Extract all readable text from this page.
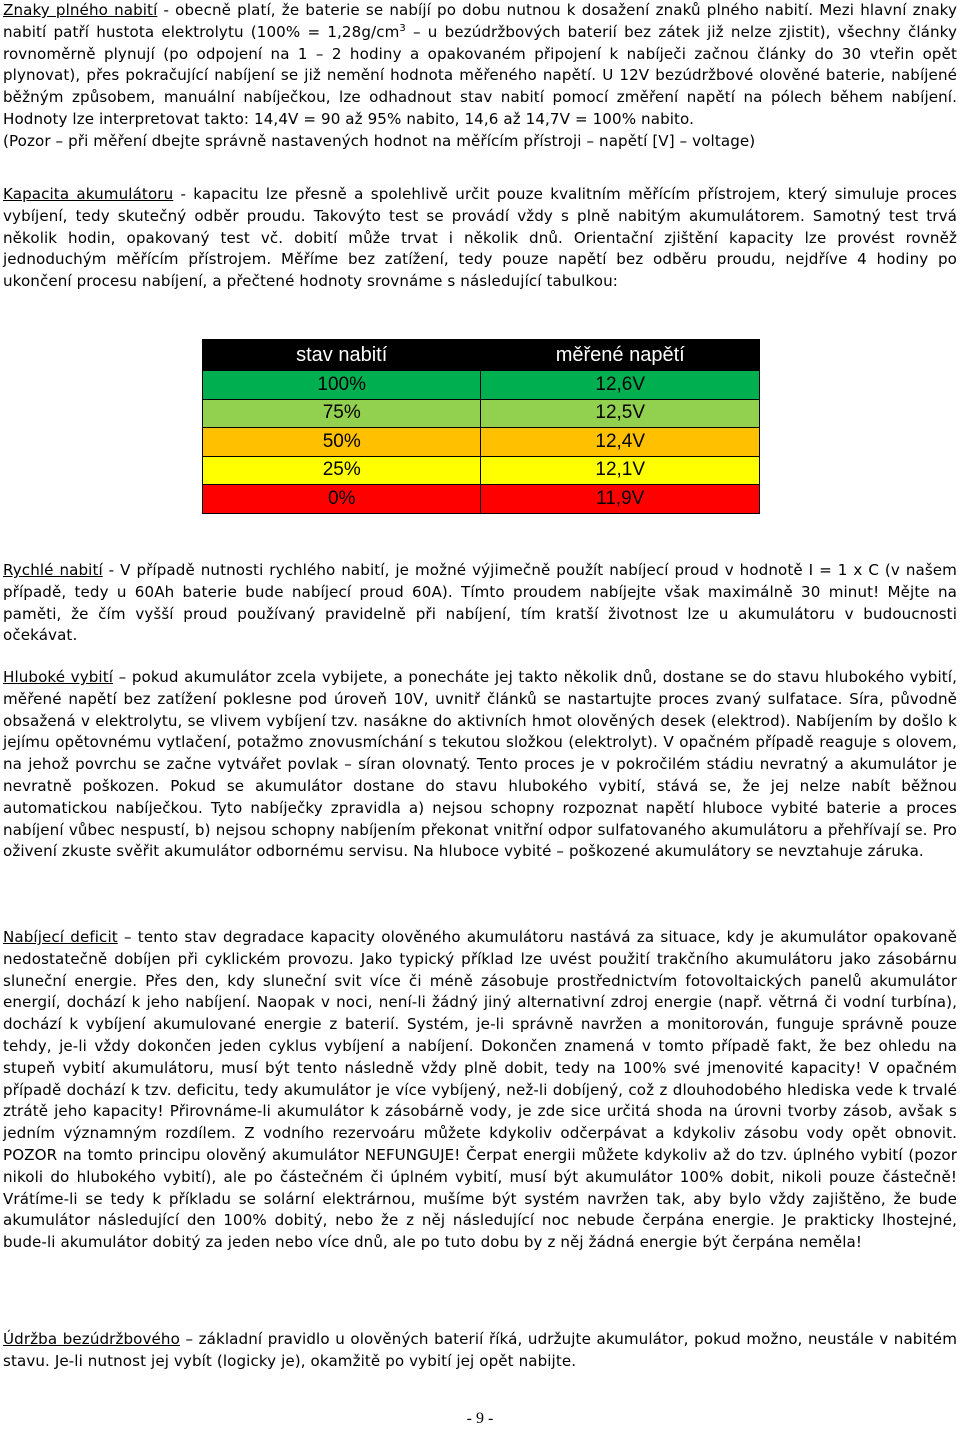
Znaky plného nabití - obecně platí, že baterie se nabíjí po dobu nutnou k dosažení znaků plného nabití. Mezi hlavní znaky nabití patří hustota elektrolytu ($100\% = 1,28g/cm^3 - u$ bezúdržbových baterií bez zátek již nelze zjistit), všechny články rovnoměrně plynují (po odpojení na 1 – 2 hodiny a opakovaném připojení k nabíječi začnou články do 30 vteřin opět plynovat), přes pokračující nabíjení se již nemění hodnota měřeného napětí. U 12V bezúdržbové olověné baterie, nabíjené běžným způsobem, manuální nabíječkou, lze odhadnout stav nabití pomocí změření napětí na pólech během nabíjení. Hodnoty lze interpretovat takto: 14,4V = 90 až 95% nabito, 14,6 až 14,7V = 100% nabito.
(Pozor – při měření dbejte správně nastavených hodnot na měřícím přístroji – napětí [V] – voltage)

Kapacita akumulátoru - kapacitu lze přesně a spolehlivě určit pouze kvalitním měřícím přístrojem, který simuluje proces vybíjení, tedy skutečný odběr proudu. Takovýto test se provádí vždy s plně nabitým akumulátorem. Samotný test trvá několik hodin, opakovaný test vč. dobití může trvat i několik dnů. Orientační zjištění kapacity lze provést rovněž jednoduchým měřícím přístrojem. Měříme bez zatížení, tedy pouze napětí bez odběru proudu, nejdříve 4 hodiny po ukončení procesu nabíjení, a přečtené hodnoty srovnáme s následující tabulkou:

stav nabití	měřené napětí
100%	12,6V
75%	12,5V
50%	12,4V
25%	12,1V
0%	11,9V

Rychlé nabití - V případě nutnosti rychlého nabití, je možné výjimečně použít nabíjecí proud v hodnotě I = 1 x C (v našem případě, tedy u 60Ah baterie bude nabíjecí proud 60A). Tímto proudem nabíjejte však maximálně 30 minut! Mějte na paměti, že čím vyšší proud používaný pravidelně při nabíjení, tím kratší životnost lze u akumulátoru v budoucnosti očekávat.

Hluboké vybití – pokud akumulátor zcela vybijete, a ponecháte jej takto několik dnů, dostane se do stavu hlubokého vybití, měřené napětí bez zatížení poklesne pod úroveň 10V, uvnitř článků se nastartujte proces zvaný sulfatace. Síra, původně obsažená v elektrolytu, se vlivem vybíjení tzv. nasákne do aktivních hmot olověných desek (elektrod). Nabíjením by došlo k jejímu opětovnému vytlačení, potažmo znovusmíchání s tekutou složkou (elektrolyt). V opačném případě reaguje s olovem, na jehož povrchu se začne vytvářet povlak – síran olovnatý. Tento proces je v pokročilém stádiu nevratný a akumulátor je nevratně poškozen. Pokud se akumulátor dostane do stavu hlubokého vybití, stává se, že jej nelze nabít běžnou automatickou nabíječkou. Tyto nabíječky zpravidla a) nejsou schopny rozpoznat napětí hluboce vybité baterie a proces nabíjení vůbec nespustí, b) nejsou schopny nabíjením překonat vnitřní odpor sulfatovaného akumulátoru a přehřívají se. Pro oživení zkuste svěřit akumulátor odbornému servisu. Na hluboce vybité – poškozené akumulátory se nevztahuje záruka.

Nabíjecí deficit – tento stav degradace kapacity olověného akumulátoru nastává za situace, kdy je akumulátor opakovaně nedostatečně dobíjen při cyklickém provozu. Jako typický příklad lze uvést použití trakčního akumulátoru jako zásobárnu sluneční energie. Přes den, kdy sluneční svit více či méně zásobuje prostřednictvím fotovoltaických panelů akumulátor energií, dochází k jeho nabíjení. Naopak v noci, není-li žádný jiný alternativní zdroj energie (např. větrná či vodní turbína), dochází k vybíjení akumulované energie z baterií. Systém, je-li správně navržen a monitorován, funguje správně pouze tehdy, je-li vždy dokončen jeden cyklus vybíjení a nabíjení. Dokončen znamená v tomto případě fakt, že bez ohledu na stupeň vybití akumulátoru, musí být tento následně vždy plně dobit, tedy na 100% své jmenovité kapacity! V opačném případě dochází k tzv. deficitu, tedy akumulátor je více vybíjený, než-li dobíjený, což z dlouhodobého hlediska vede k trvalé ztrátě jeho kapacity! Přirovnáme-li akumulátor k zásobárně vody, je zde sice určitá shoda na úrovni tvorby zásob, avšak s jedním významným rozdílem. Z vodního rezervoáru můžete kdykoliv odčerpávat a kdykoliv zásobu vody opět obnovit. POZOR na tomto principu olověný akumulátor NEFUNGUJE! Čerpat energii můžete kdykoliv až do tzv. úplného vybití (pozor nikoli do hlubokého vybití), ale po částečném či úplném vybití, musí být akumulátor 100% dobit, nikoli pouze částečně! Vrátíme-li se tedy k příkladu se solární elektrárnou, mušíme být systém navržen tak, aby bylo vždy zajištěno, že bude akumulátor následující den 100% dobitý, nebo že z něj následující noc nebude čerpána energie. Je prakticky lhostejné, bude-li akumulátor dobitý za jeden nebo více dnů, ale po tuto dobu by z něj žádná energie být čerpána neměla!

Údržba bezúdržbového – základní pravidlo u olověných baterií říká, udržujte akumulátor, pokud možno, neustále v nabitém stavu. Je-li nutnost jej vybít (logicky je), okamžitě po vybití jej opět nabijte.

- 9 -
